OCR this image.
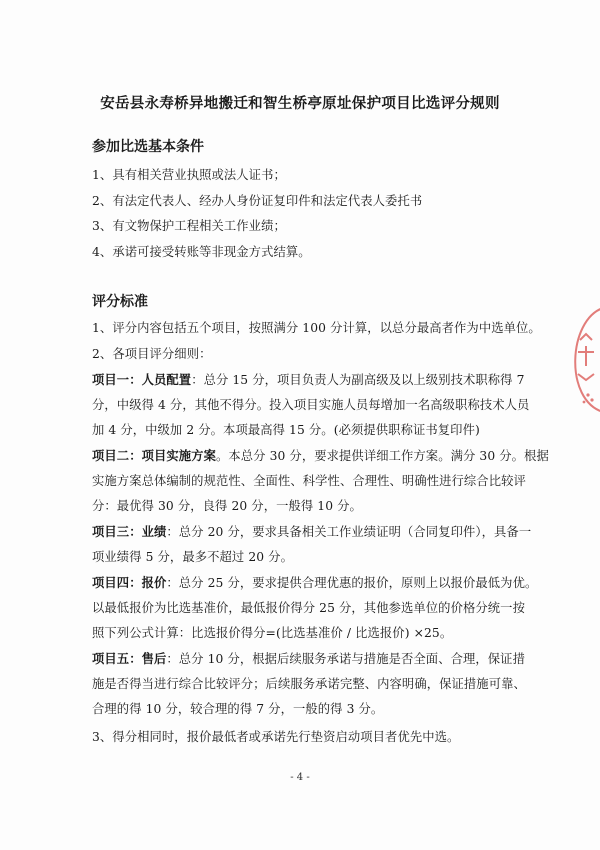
安岳县永寿桥异地搬迁和智生桥亭原址保护项目比选评分规则
参加比选基本条件
1、具有相关营业执照或法人证书；
2、有法定代表人、经办人身份证复印件和法定代表人委托书
3、有文物保护工程相关工作业绩；
4、承诺可接受转账等非现金方式结算。
评分标准
1、评分内容包括五个项目，按照满分 100 分计算，以总分最高者作为中选单位。
2、各项目评分细则：
项目一：人员配置：总分 15 分，项目负责人为副高级及以上级别技术职称得 7
分，中级得 4 分，其他不得分。投入项目实施人员每增加一名高级职称技术人员
加 4 分，中级加 2 分。本项最高得 15 分。(必须提供职称证书复印件)
项目二：项目实施方案。本总分 30 分，要求提供详细工作方案。满分 30 分。根据
实施方案总体编制的规范性、全面性、科学性、合理性、明确性进行综合比较评
分：最优得 30 分，良得 20 分，一般得 10 分。
项目三：业绩：总分 20 分，要求具备相关工作业绩证明（合同复印件），具备一
项业绩得 5 分，最多不超过 20 分。
项目四：报价：总分 25 分，要求提供合理优惠的报价，原则上以报价最低为优。
以最低报价为比选基准价，最低报价得分 25 分，其他参选单位的价格分统一按
照下列公式计算：比选报价得分=(比选基准价 / 比选报价) ×25。
项目五：售后：总分 10 分，根据后续服务承诺与措施是否全面、合理，保证措
施是否得当进行综合比较评分；后续服务承诺完整、内容明确，保证措施可靠、
合理的得 10 分，较合理的得 7 分，一般的得 3 分。
3、得分相同时，报价最低者或承诺先行垫资启动项目者优先中选。
- 4 -
